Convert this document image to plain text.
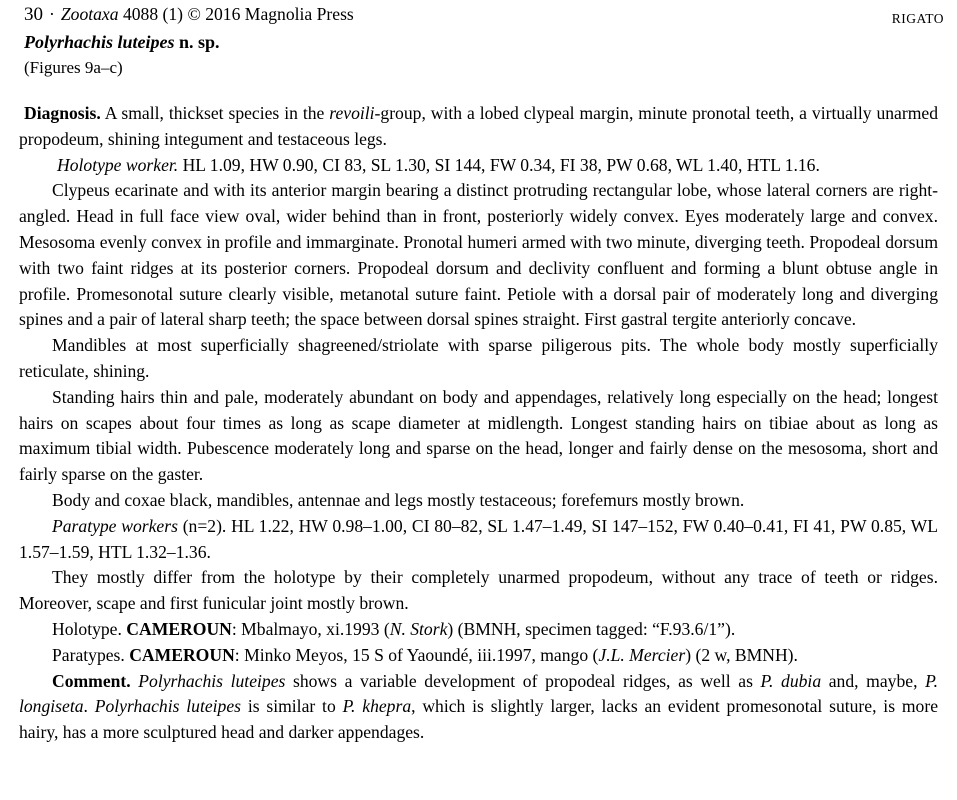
30 · Zootaxa 4088 (1) © 2016 Magnolia Press	RIGATO
Polyrhachis luteipes n. sp.
(Figures 9a–c)

Diagnosis. A small, thickset species in the revoili-group, with a lobed clypeal margin, minute pronotal teeth, a virtually unarmed propodeum, shining integument and testaceous legs.

Holotype worker. HL 1.09, HW 0.90, CI 83, SL 1.30, SI 144, FW 0.34, FI 38, PW 0.68, WL 1.40, HTL 1.16.

Clypeus ecarinate and with its anterior margin bearing a distinct protruding rectangular lobe, whose lateral corners are right-angled. Head in full face view oval, wider behind than in front, posteriorly widely convex. Eyes moderately large and convex. Mesosoma evenly convex in profile and immarginate. Pronotal humeri armed with two minute, diverging teeth. Propodeal dorsum with two faint ridges at its posterior corners. Propodeal dorsum and declivity confluent and forming a blunt obtuse angle in profile. Promesonotal suture clearly visible, metanotal suture faint. Petiole with a dorsal pair of moderately long and diverging spines and a pair of lateral sharp teeth; the space between dorsal spines straight. First gastral tergite anteriorly concave.

Mandibles at most superficially shagreened/striolate with sparse piligerous pits. The whole body mostly superficially reticulate, shining.

Standing hairs thin and pale, moderately abundant on body and appendages, relatively long especially on the head; longest hairs on scapes about four times as long as scape diameter at midlength. Longest standing hairs on tibiae about as long as maximum tibial width. Pubescence moderately long and sparse on the head, longer and fairly dense on the mesosoma, short and fairly sparse on the gaster.

Body and coxae black, mandibles, antennae and legs mostly testaceous; forefemurs mostly brown.

Paratype workers (n=2). HL 1.22, HW 0.98–1.00, CI 80–82, SL 1.47–1.49, SI 147–152, FW 0.40–0.41, FI 41, PW 0.85, WL 1.57–1.59, HTL 1.32–1.36.

They mostly differ from the holotype by their completely unarmed propodeum, without any trace of teeth or ridges. Moreover, scape and first funicular joint mostly brown.

Holotype. CAMEROUN: Mbalmayo, xi.1993 (N. Stork) (BMNH, specimen tagged: “F.93.6/1”).

Paratypes. CAMEROUN: Minko Meyos, 15 S of Yaoundé, iii.1997, mango (J.L. Mercier) (2 w, BMNH).

Comment. Polyrhachis luteipes shows a variable development of propodeal ridges, as well as P. dubia and, maybe, P. longiseta. Polyrhachis luteipes is similar to P. khepra, which is slightly larger, lacks an evident promesonotal suture, is more hairy, has a more sculptured head and darker appendages.
